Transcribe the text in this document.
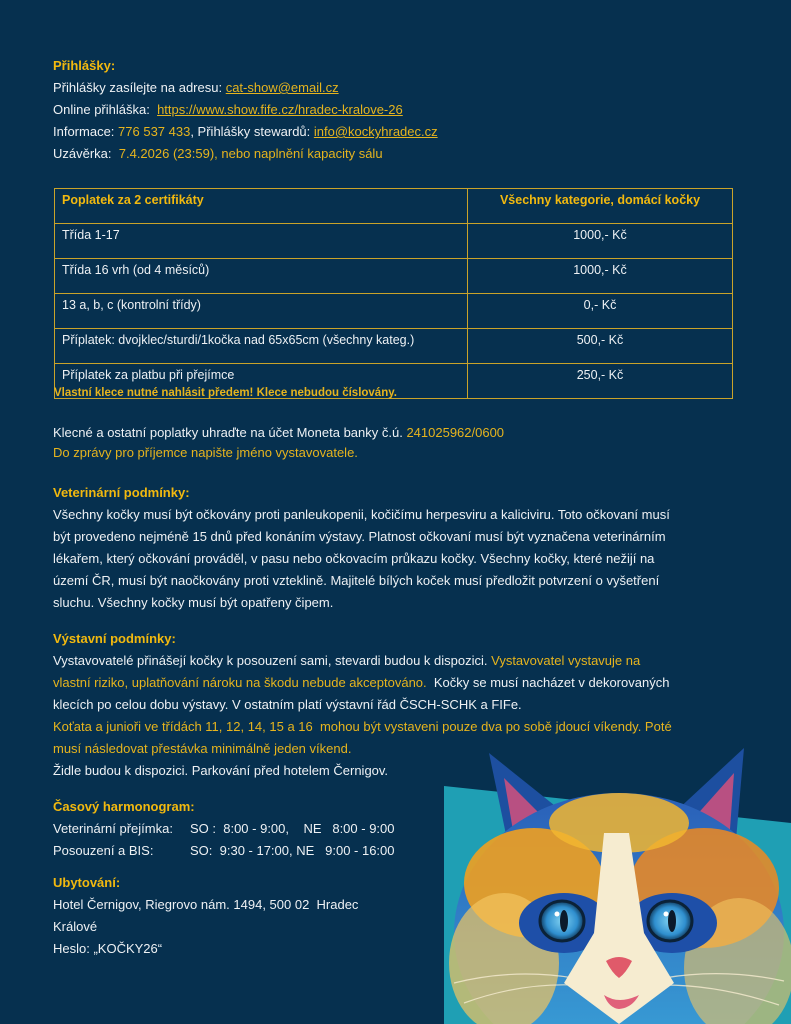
Přihlášky:
Přihlášky zasílejte na adresu: cat-show@email.cz
Online přihláška:  https://www.show.fife.cz/hradec-kralove-26
Informace: 776 537 433, Přihlášky stewardů: info@kockyhradec.cz
Uzávěrka:  7.4.2026 (23:59), nebo naplnění kapacity sálu
Poplatek za 2 certifikáty	Všechny kategorie, domácí kočky
Třída 1-17	1000,- Kč
Třída 16 vrh (od 4 měsíců)	1000,- Kč
13 a, b, c (kontrolní třídy)	0,- Kč
Příplatek: dvojklec/sturdi/1kočka nad 65x65cm (všechny kateg.)	500,- Kč
Příplatek za platbu při přejímce	250,- Kč
Vlastní klece nutné nahlásit předem! Klece nebudou číslovány.
Klecné a ostatní poplatky uhraďte na účet Moneta banky č.ú. 241025962/0600
Do zprávy pro příjemce napište jméno vystavovatele.
Veterinární podmínky:
Všechny kočky musí být očkovány proti panleukopenii, kočičímu herpesviru a kaliciviru. Toto očkovaní musí
být provedeno nejméně 15 dnů před konáním výstavy. Platnost očkovaní musí být vyznačena veterinárním
lékařem, který očkování prováděl, v pasu nebo očkovacím průkazu kočky. Všechny kočky, které nežijí na
území ČR, musí být naočkovány proti vzteklině. Majitelé bílých koček musí předložit potvrzení o vyšetření
sluchu. Všechny kočky musí být opatřeny čipem.
Výstavní podmínky:
Vystavovatelé přinášejí kočky k posouzení sami, stevardi budou k dispozici. Vystavovatel vystavuje na
vlastní riziko, uplatňování nároku na škodu nebude akceptováno.  Kočky se musí nacházet v dekorovaných
klecích po celou dobu výstavy. V ostatním platí výstavní řád ČSCH-SCHK a FIFe.
Koťata a junioři ve třídách 11, 12, 14, 15 a 16  mohou být vystaveni pouze dva po sobě jdoucí víkendy. Poté
musí následovat přestávka minimálně jeden víkend.
Židle budou k dispozici. Parkování před hotelem Černigov.
Časový harmonogram:
Veterinární přejímka: SO :  8:00 - 9:00,    NE   8:00 - 9:00
Posouzení a BIS:	SO:  9:30 - 17:00, NE   9:00 - 16:00
Ubytování:
Hotel Černigov, Riegrovo nám. 1494, 500 02  Hradec
Králové
Heslo: „KOČKY26“
